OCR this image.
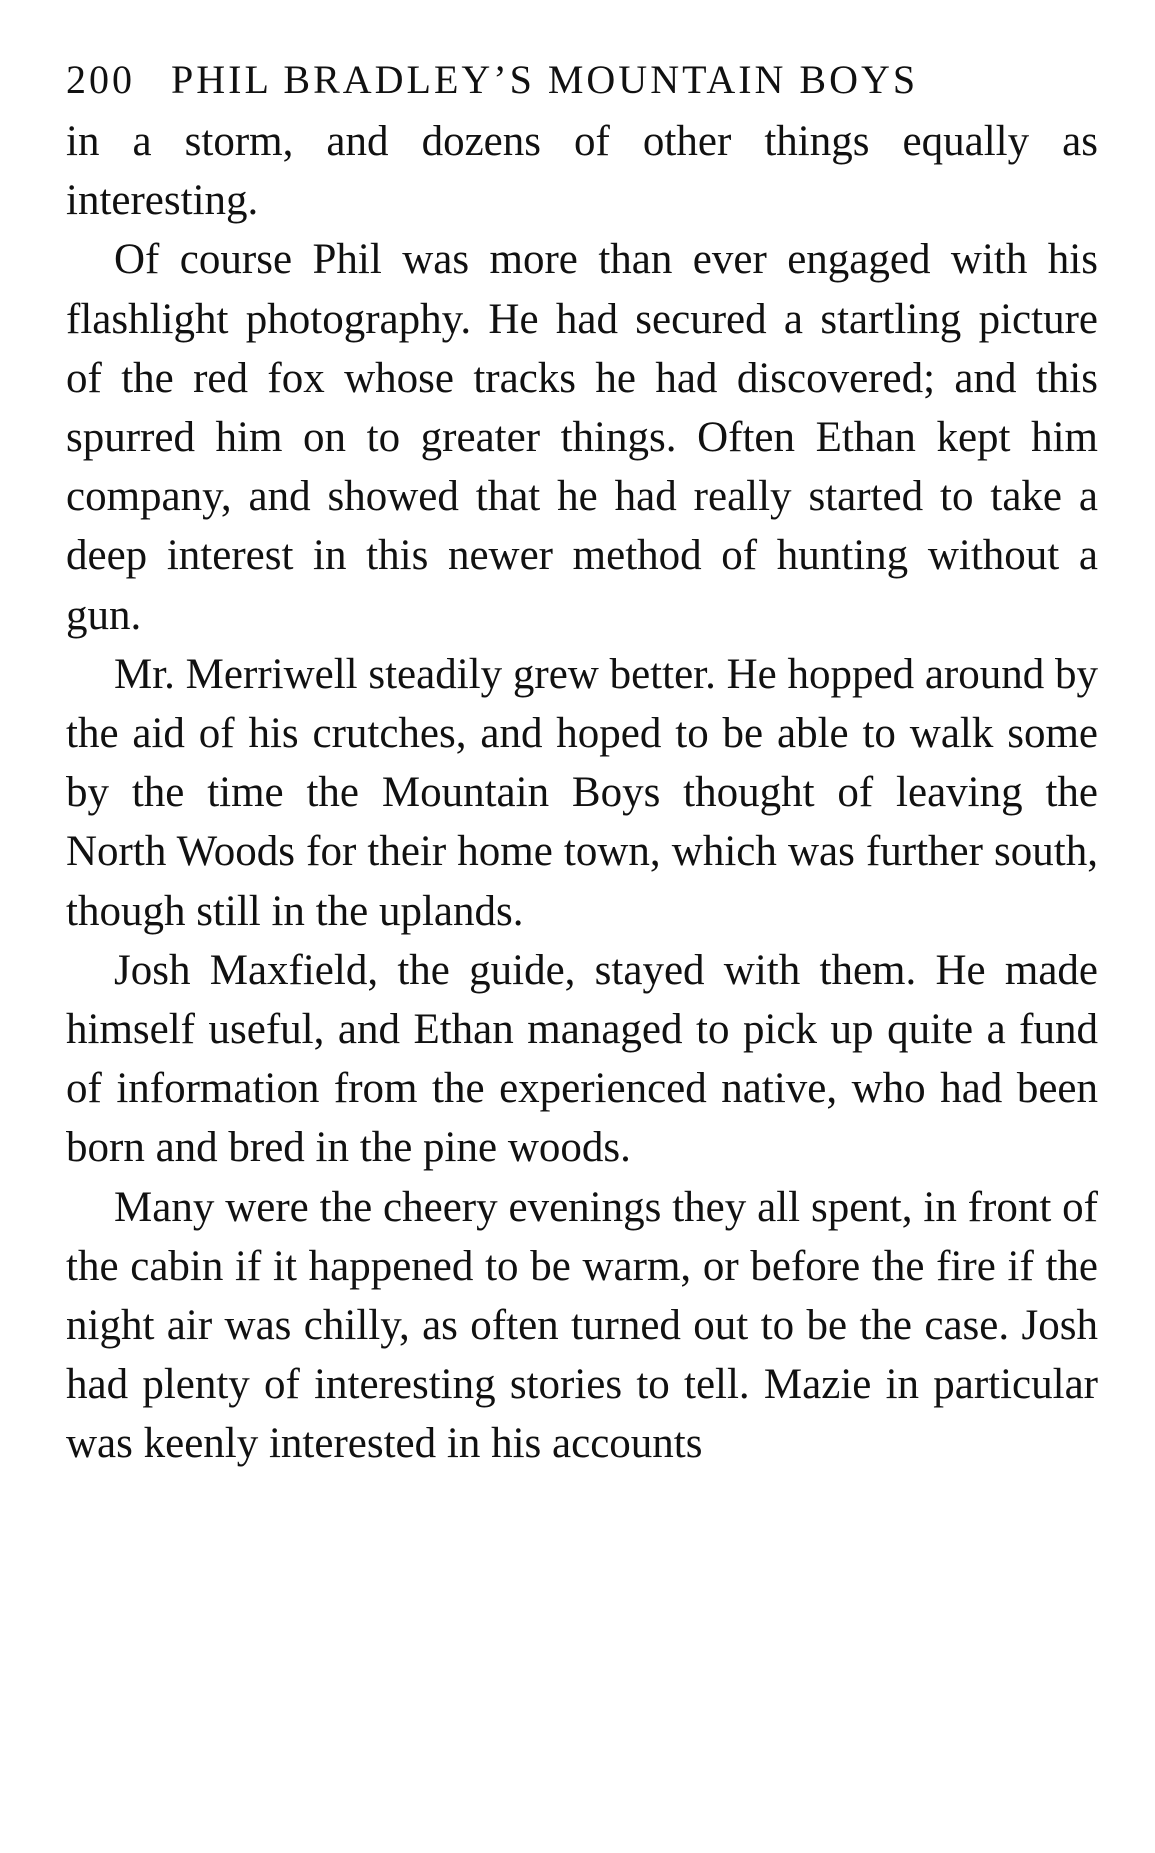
200 PHIL BRADLEY’S MOUNTAIN BOYS

in a storm, and dozens of other things equally as interesting.

Of course Phil was more than ever engaged with his flashlight photography. He had secured a startling picture of the red fox whose tracks he had discovered; and this spurred him on to greater things. Often Ethan kept him company, and showed that he had really started to take a deep interest in this newer method of hunting without a gun.

Mr. Merriwell steadily grew better. He hopped around by the aid of his crutches, and hoped to be able to walk some by the time the Mountain Boys thought of leaving the North Woods for their home town, which was further south, though still in the uplands.

Josh Maxfield, the guide, stayed with them. He made himself useful, and Ethan managed to pick up quite a fund of information from the experienced native, who had been born and bred in the pine woods.

Many were the cheery evenings they all spent, in front of the cabin if it happened to be warm, or before the fire if the night air was chilly, as often turned out to be the case. Josh had plenty of interesting stories to tell. Mazie in particular was keenly interested in his accounts
